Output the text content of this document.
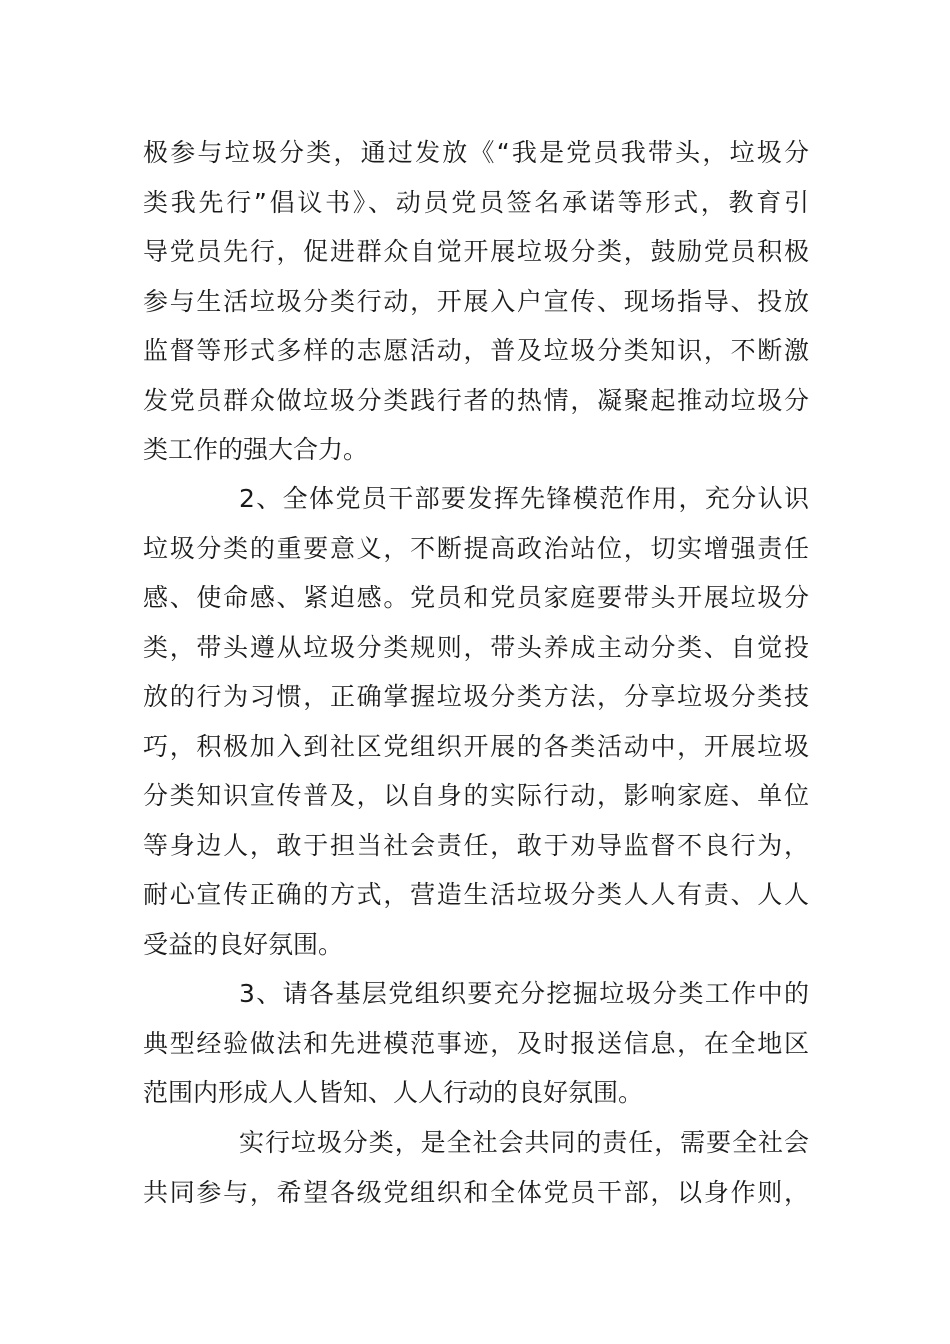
极参与垃圾分类，通过发放《“我是党员我带头，垃圾分
类我先行”倡议书》、动员党员签名承诺等形式，教育引
导党员先行，促进群众自觉开展垃圾分类，鼓励党员积极
参与生活垃圾分类行动，开展入户宣传、现场指导、投放
监督等形式多样的志愿活动，普及垃圾分类知识，不断激
发党员群众做垃圾分类践行者的热情，凝聚起推动垃圾分
类工作的强大合力。
2、全体党员干部要发挥先锋模范作用，充分认识
垃圾分类的重要意义，不断提高政治站位，切实增强责任
感、使命感、紧迫感。党员和党员家庭要带头开展垃圾分
类，带头遵从垃圾分类规则，带头养成主动分类、自觉投
放的行为习惯，正确掌握垃圾分类方法，分享垃圾分类技
巧，积极加入到社区党组织开展的各类活动中，开展垃圾
分类知识宣传普及，以自身的实际行动，影响家庭、单位
等身边人，敢于担当社会责任，敢于劝导监督不良行为，
耐心宣传正确的方式，营造生活垃圾分类人人有责、人人
受益的良好氛围。
3、请各基层党组织要充分挖掘垃圾分类工作中的
典型经验做法和先进模范事迹，及时报送信息，在全地区
范围内形成人人皆知、人人行动的良好氛围。
实行垃圾分类，是全社会共同的责任，需要全社会
共同参与，希望各级党组织和全体党员干部，以身作则，
